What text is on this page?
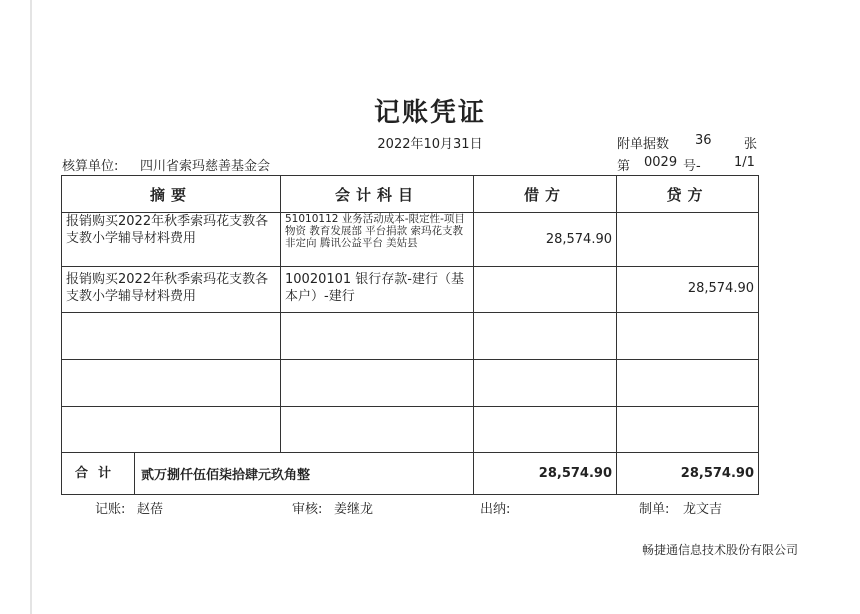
记账凭证
2022年10月31日	附单据数 36 张
核算单位: 四川省索玛慈善基金会	第 0029 号-	1/1
摘要	会计科目	借方	贷方
报销购买2022年秋季索玛花支教各支教小学辅导材料费用	51010112 业务活动成本-限定性-项目物资 教育发展部 平台捐款 索玛花支教 非定向 腾讯公益平台 美姑县	28,574.90	
报销购买2022年秋季索玛花支教各支教小学辅导材料费用	10020101 银行存款-建行（基本户）-建行		28,574.90

合计 贰万捌仟伍佰柒拾肆元玖角整		28,574.90	28,574.90
记账: 赵蓓	审核: 姜继龙	出纳:	制单: 龙文吉
畅捷通信息技术股份有限公司
